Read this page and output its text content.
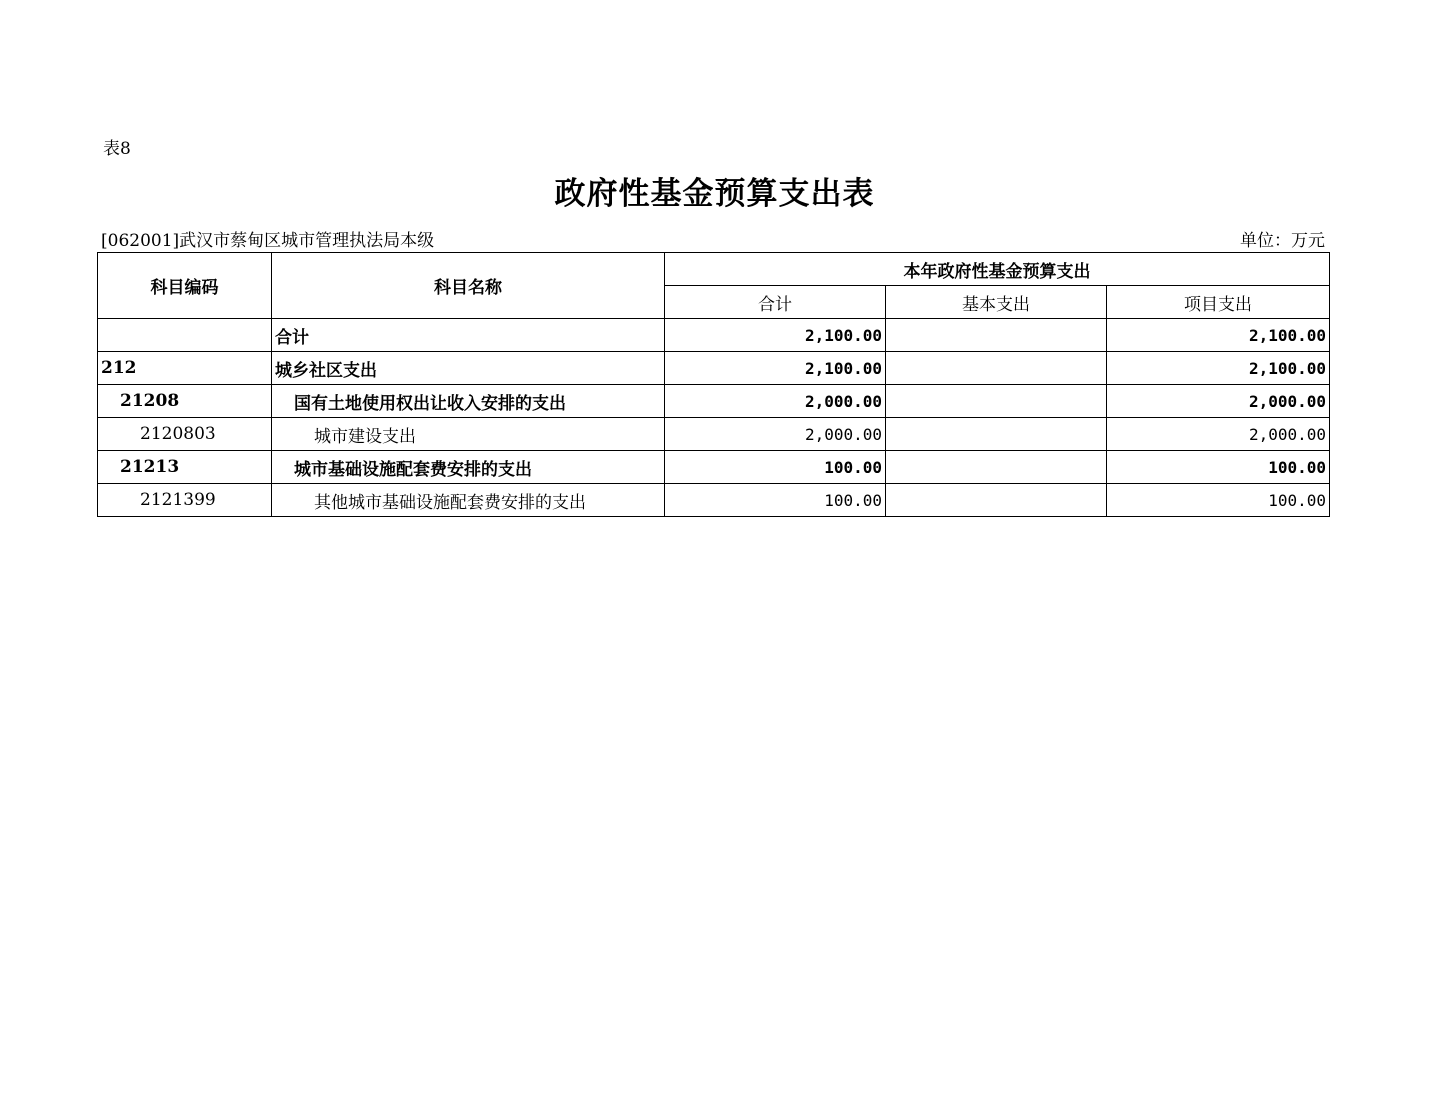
表8
政府性基金预算支出表
[062001]武汉市蔡甸区城市管理执法局本级	单位：万元
科目编码	科目名称	本年政府性基金预算支出		
		合计	基本支出	项目支出
	合计	2,100.00		2,100.00
212	城乡社区支出	2,100.00		2,100.00
21208	国有土地使用权出让收入安排的支出	2,000.00		2,000.00
2120803	城市建设支出	2,000.00		2,000.00
21213	城市基础设施配套费安排的支出	100.00		100.00
2121399	其他城市基础设施配套费安排的支出	100.00		100.00
